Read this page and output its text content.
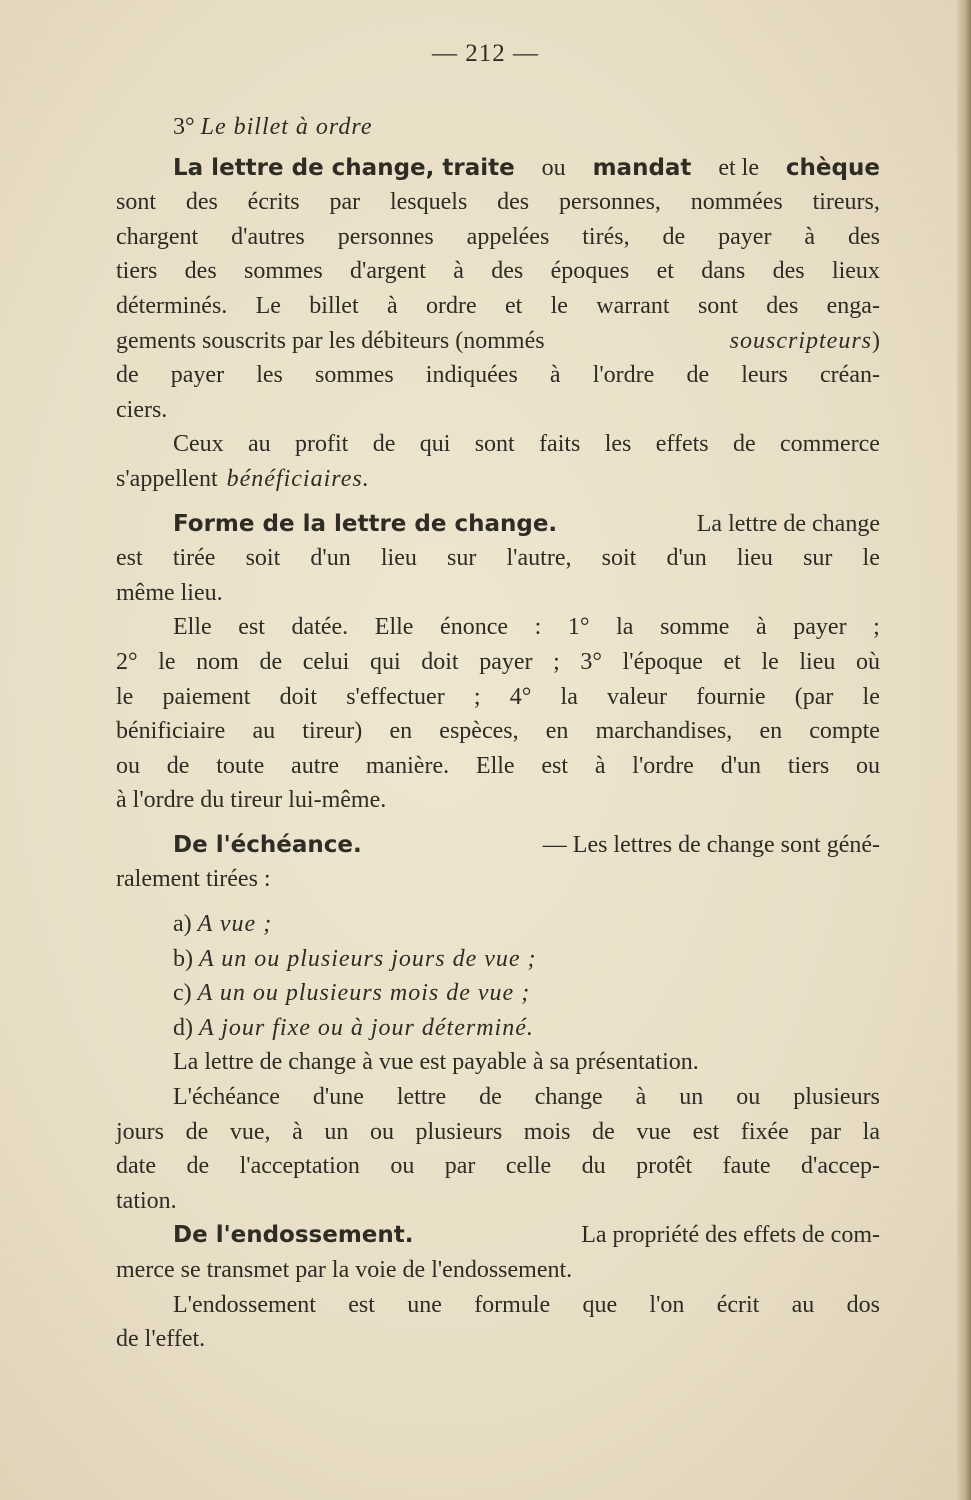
— 212 —
3° Le billet à ordre
La lettre de change, traite ou mandat et le chèque
sont des écrits par lesquels des personnes, nommées tireurs,
chargent d'autres personnes appelées tirés, de payer à des
tiers des sommes d'argent à des époques et dans des lieux
déterminés. Le billet à ordre et le warrant sont des enga-
gements souscrits par les débiteurs (nommés	souscripteurs)
de payer les sommes indiquées à l'ordre de leurs créan-
ciers.
Ceux au profit de qui sont faits les effets de commerce
s'appellent bénéficiaires.
Forme de la lettre de change.	La lettre de change
est tirée soit d'un lieu sur l'autre, soit d'un lieu sur le
même lieu.
Elle est datée. Elle énonce : 1° la somme à payer ;
2° le nom de celui qui doit payer ; 3° l'époque et le lieu où
le paiement doit s'effectuer ; 4° la valeur fournie (par le
bénificiaire au tireur) en espèces, en marchandises, en compte
ou de toute autre manière. Elle est à l'ordre d'un tiers ou
à l'ordre du tireur lui-même.
De l'échéance.	— Les lettres de change sont géné-
ralement tirées :
a) A vue ;
b) A un ou plusieurs jours de vue ;
c) A un ou plusieurs mois de vue ;
d) A jour fixe ou à jour déterminé.
La lettre de change à vue est payable à sa présentation.
L'échéance d'une lettre de change à un ou plusieurs
jours de vue, à un ou plusieurs mois de vue est fixée par la
date de l'acceptation ou par celle du protêt faute d'accep-
tation.
De l'endossement.	La propriété des effets de com-
merce se transmet par la voie de l'endossement.
L'endossement est une formule que l'on écrit au dos
de l'effet.
